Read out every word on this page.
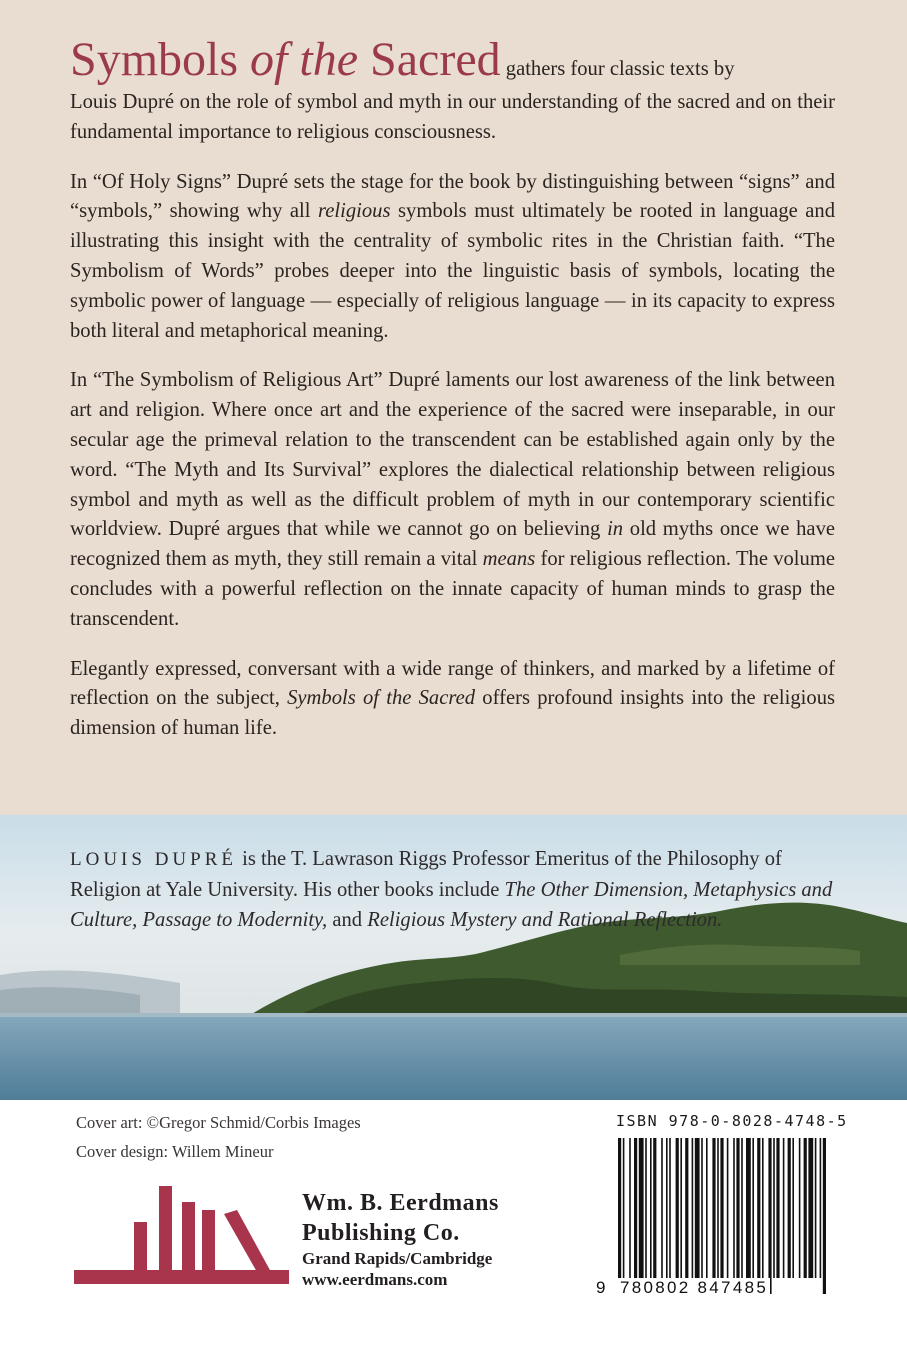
Symbols of the Sacred gathers four classic texts by
Louis Dupré on the role of symbol and myth in our understanding of the sacred and on their fundamental importance to religious consciousness.

In “Of Holy Signs” Dupré sets the stage for the book by distinguishing between “signs” and “symbols,” showing why all religious symbols must ultimately be rooted in language and illustrating this insight with the centrality of symbolic rites in the Christian faith. “The Symbolism of Words” probes deeper into the linguistic basis of symbols, locating the symbolic power of language — especially of religious language — in its capacity to express both literal and metaphorical meaning.

In “The Symbolism of Religious Art” Dupré laments our lost awareness of the link between art and religion. Where once art and the experience of the sacred were inseparable, in our secular age the primeval relation to the transcendent can be established again only by the word. “The Myth and Its Survival” explores the dialectical relationship between religious symbol and myth as well as the difficult problem of myth in our contemporary scientific worldview. Dupré argues that while we cannot go on believing in old myths once we have recognized them as myth, they still remain a vital means for religious reflection. The volume concludes with a powerful reflection on the innate capacity of human minds to grasp the transcendent.

Elegantly expressed, conversant with a wide range of thinkers, and marked by a lifetime of reflection on the subject, Symbols of the Sacred offers profound insights into the religious dimension of human life.

LOUIS DUPRÉ is the T. Lawrason Riggs Professor Emeritus of the Philosophy of Religion at Yale University. His other books include The Other Dimension, Metaphysics and Culture, Passage to Modernity, and Religious Mystery and Rational Reflection.
Cover art: ©Gregor Schmid/Corbis Images
Cover design: Willem Mineur
Wm. B. Eerdmans
Publishing Co.
Grand Rapids/Cambridge
www.eerdmans.com
ISBN 978-0-8028-4748-5
9 780802 847485
